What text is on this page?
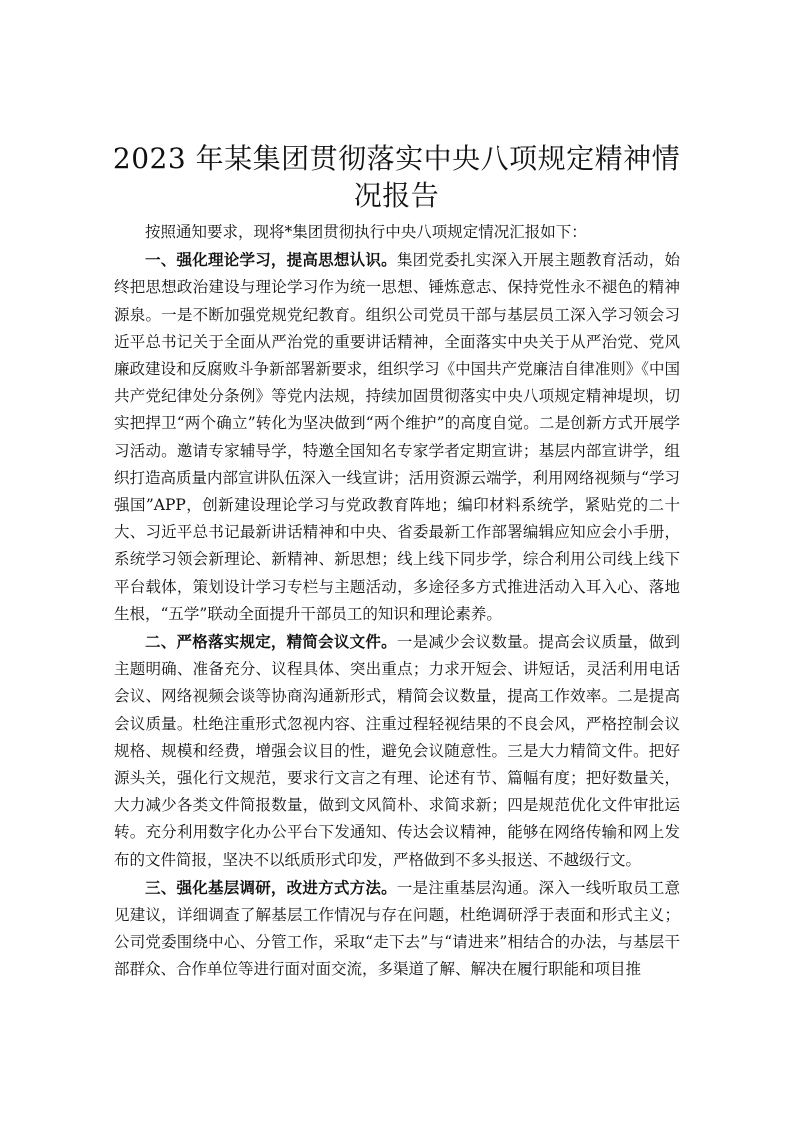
2023 年某集团贯彻落实中央八项规定精神情况报告

按照通知要求，现将*集团贯彻执行中央八项规定情况汇报如下：

一、强化理论学习，提高思想认识。集团党委扎实深入开展主题教育活动，始终把思想政治建设与理论学习作为统一思想、锤炼意志、保持党性永不褪色的精神源泉。一是不断加强党规党纪教育。组织公司党员干部与基层员工深入学习领会习近平总书记关于全面从严治党的重要讲话精神，全面落实中央关于从严治党、党风廉政建设和反腐败斗争新部署新要求，组织学习《中国共产党廉洁自律准则》《中国共产党纪律处分条例》等党内法规，持续加固贯彻落实中央八项规定精神堤坝，切实把捍卫“两个确立”转化为坚决做到“两个维护”的高度自觉。二是创新方式开展学习活动。邀请专家辅导学，特邀全国知名专家学者定期宣讲；基层内部宣讲学，组织打造高质量内部宣讲队伍深入一线宣讲；活用资源云端学，利用网络视频与“学习强国”APP，创新建设理论学习与党政教育阵地；编印材料系统学，紧贴党的二十大、习近平总书记最新讲话精神和中央、省委最新工作部署编辑应知应会小手册，系统学习领会新理论、新精神、新思想；线上线下同步学，综合利用公司线上线下平台载体，策划设计学习专栏与主题活动，多途径多方式推进活动入耳入心、落地生根，“五学”联动全面提升干部员工的知识和理论素养。

二、严格落实规定，精简会议文件。一是减少会议数量。提高会议质量，做到主题明确、准备充分、议程具体、突出重点；力求开短会、讲短话，灵活利用电话会议、网络视频会谈等协商沟通新形式，精简会议数量，提高工作效率。二是提高会议质量。杜绝注重形式忽视内容、注重过程轻视结果的不良会风，严格控制会议规格、规模和经费，增强会议目的性，避免会议随意性。三是大力精简文件。把好源头关，强化行文规范，要求行文言之有理、论述有节、篇幅有度；把好数量关，大力减少各类文件简报数量，做到文风简朴、求简求新；四是规范优化文件审批运转。充分利用数字化办公平台下发通知、传达会议精神，能够在网络传输和网上发布的文件简报，坚决不以纸质形式印发，严格做到不多头报送、不越级行文。

三、强化基层调研，改进方式方法。一是注重基层沟通。深入一线听取员工意见建议，详细调查了解基层工作情况与存在问题，杜绝调研浮于表面和形式主义；公司党委围绕中心、分管工作，采取“走下去”与“请进来”相结合的办法，与基层干部群众、合作单位等进行面对面交流，多渠道了解、解决在履行职能和项目推
